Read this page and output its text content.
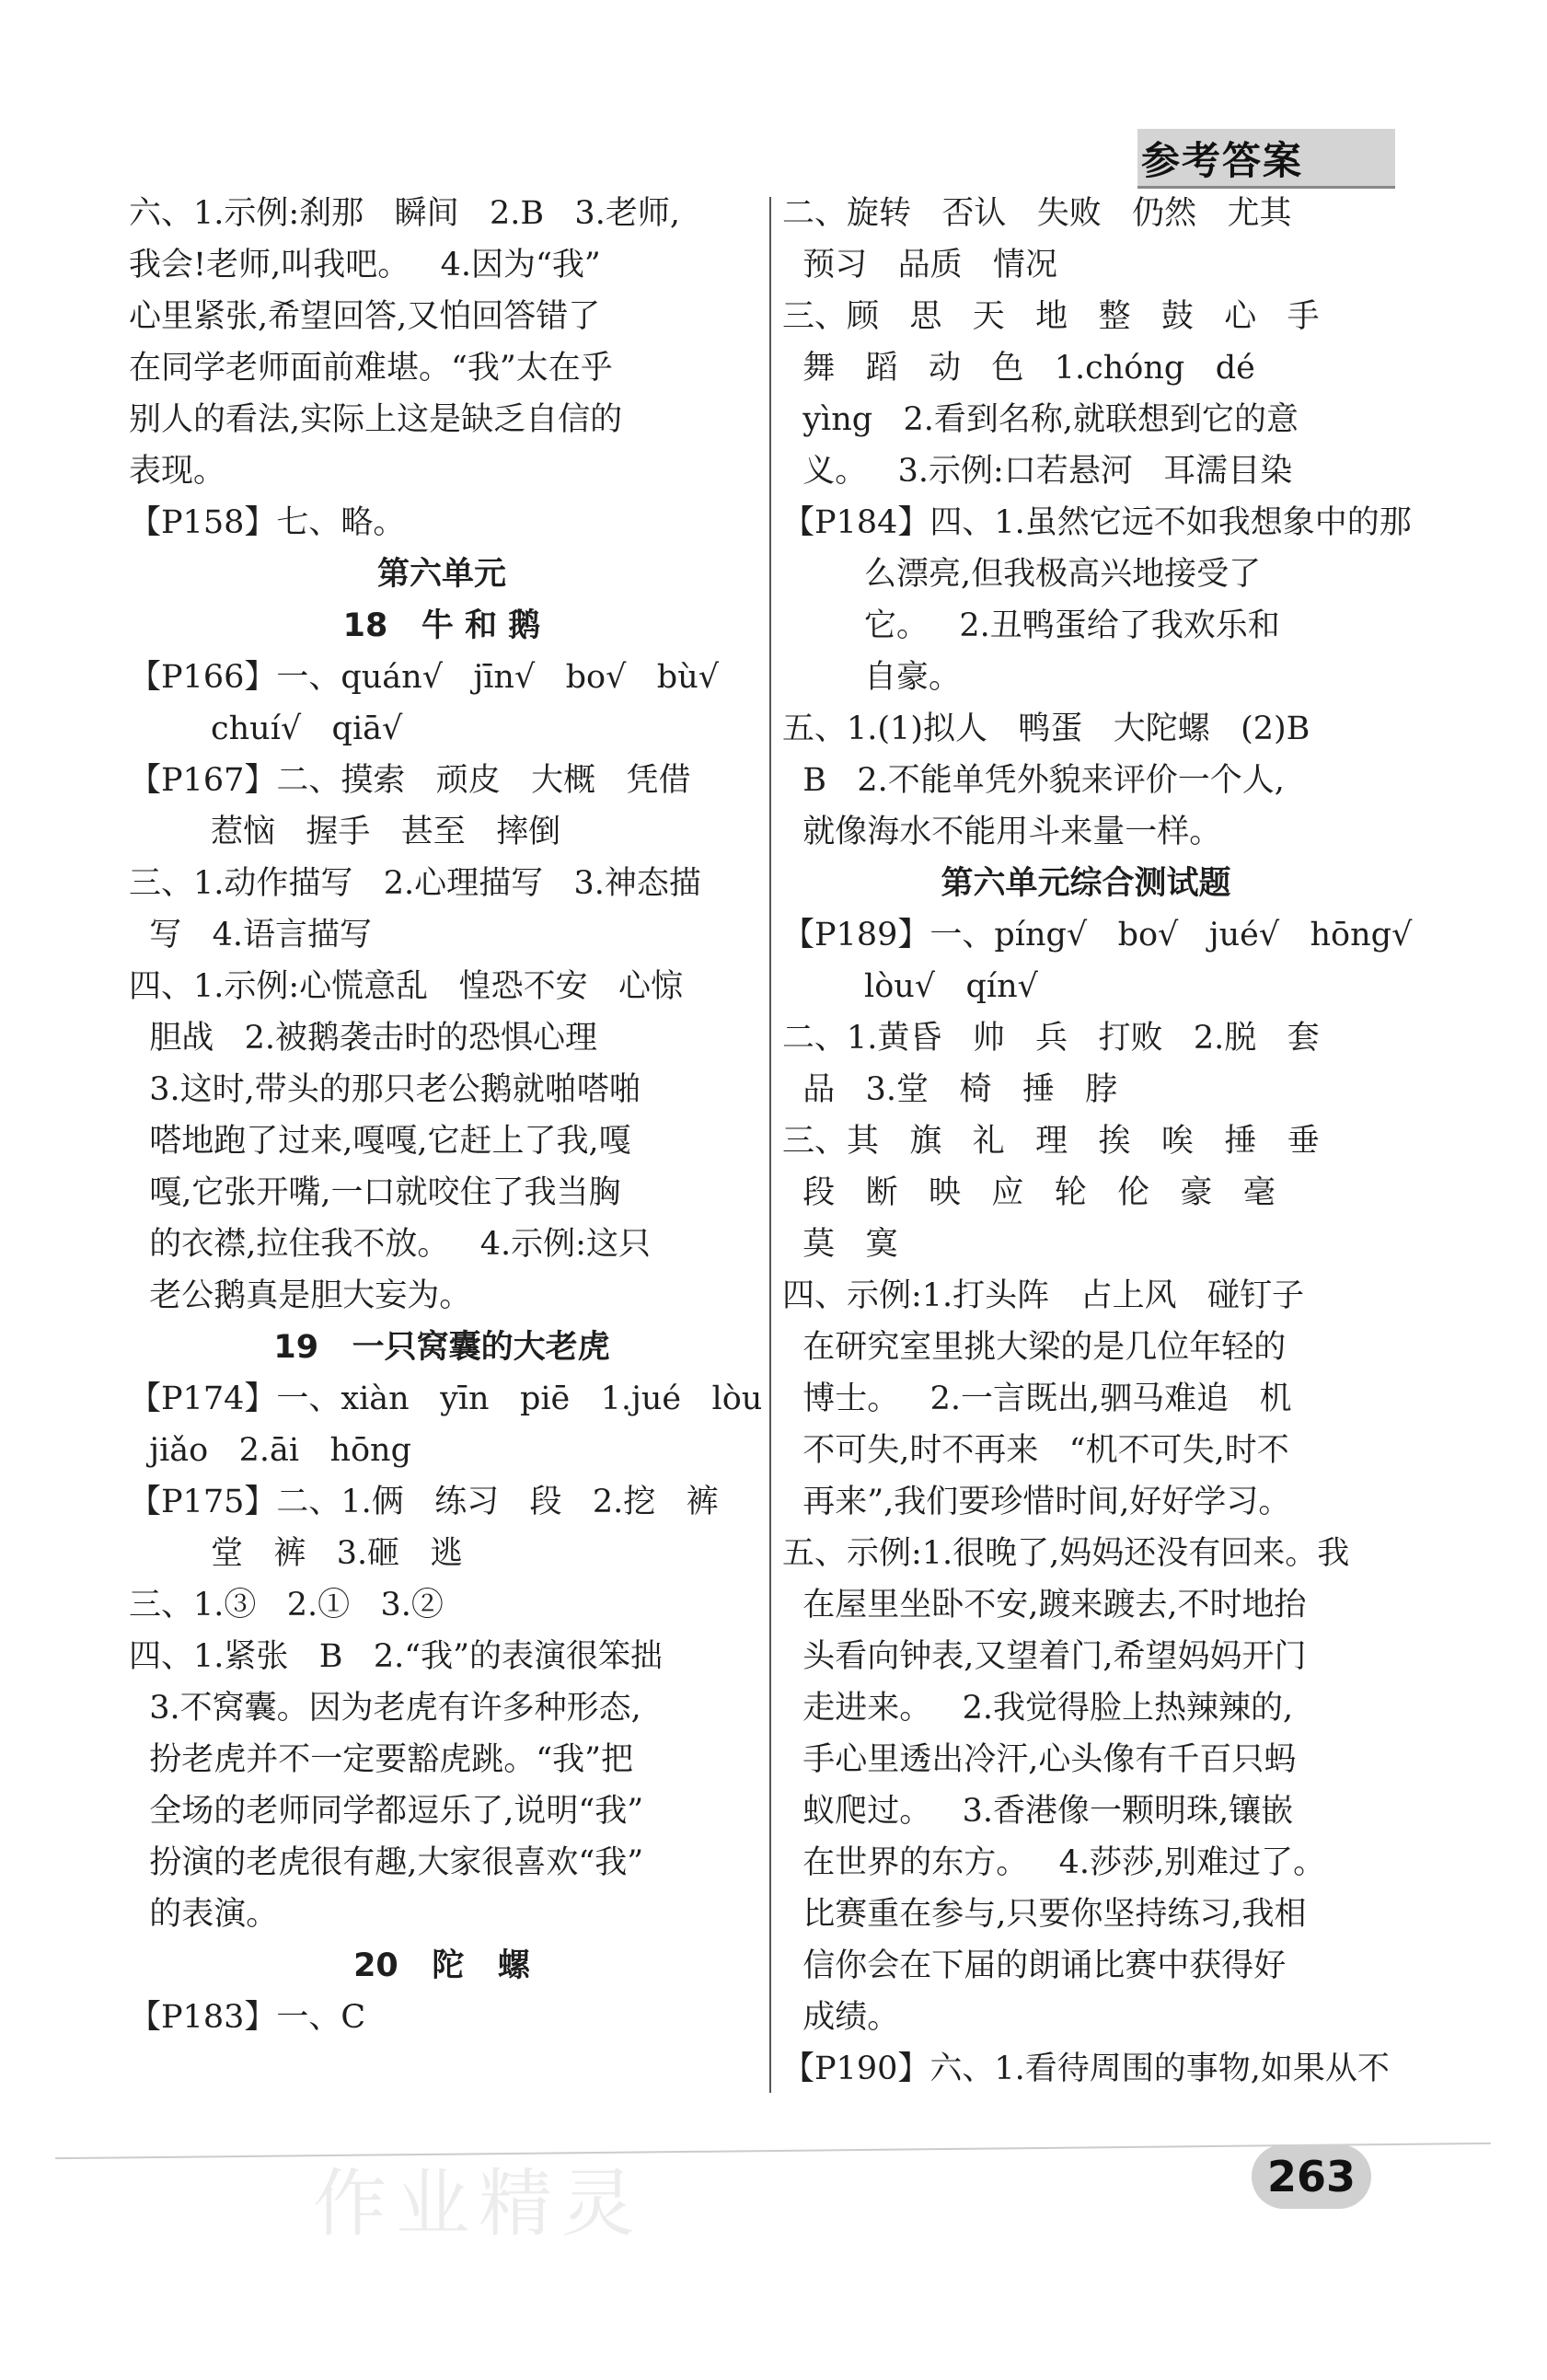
参考答案
六、1.示例:刹那   瞬间   2.B   3.老师,
我会!老师,叫我吧。   4.因为“我”
心里紧张,希望回答,又怕回答错了
在同学老师面前难堪。“我”太在乎
别人的看法,实际上这是缺乏自信的
表现。
【P158】七、略。
第六单元
18   牛 和 鹅
【P166】一、quán√   jīn√   bo√   bù√
chuí√   qiā√
【P167】二、摸索   顽皮   大概   凭借
惹恼   握手   甚至   摔倒
三、1.动作描写   2.心理描写   3.神态描
写   4.语言描写
四、1.示例:心慌意乱   惶恐不安   心惊
胆战   2.被鹅袭击时的恐惧心理
3.这时,带头的那只老公鹅就啪嗒啪
嗒地跑了过来,嘎嘎,它赶上了我,嘎
嘎,它张开嘴,一口就咬住了我当胸
的衣襟,拉住我不放。   4.示例:这只
老公鹅真是胆大妄为。
19   一只窝囊的大老虎
【P174】一、xiàn   yīn   piē   1.jué   lòu
jiǎo   2.āi   hōng
【P175】二、1.俩   练习   段   2.挖   裤
堂   裤   3.砸   逃
三、1.③   2.①   3.②
四、1.紧张   B   2.“我”的表演很笨拙
3.不窝囊。因为老虎有许多种形态,
扮老虎并不一定要豁虎跳。“我”把
全场的老师同学都逗乐了,说明“我”
扮演的老虎很有趣,大家很喜欢“我”
的表演。
20   陀   螺
【P183】一、C
二、旋转   否认   失败   仍然   尤其
预习   品质   情况
三、顾   思   天   地   整   鼓   心   手
舞   蹈   动   色   1.chóng   dé
yìng   2.看到名称,就联想到它的意
义。   3.示例:口若悬河   耳濡目染
【P184】四、1.虽然它远不如我想象中的那
么漂亮,但我极高兴地接受了
它。   2.丑鸭蛋给了我欢乐和
自豪。
五、1.(1)拟人   鸭蛋   大陀螺   (2)B
B   2.不能单凭外貌来评价一个人,
就像海水不能用斗来量一样。
第六单元综合测试题
【P189】一、píng√   bo√   jué√   hōng√
lòu√   qín√
二、1.黄昏   帅   兵   打败   2.脱   套
品   3.堂   椅   捶   脖
三、其   旗   礼   理   挨   唉   捶   垂
段   断   映   应   轮   伦   豪   毫
莫   寞
四、示例:1.打头阵   占上风   碰钉子
在研究室里挑大梁的是几位年轻的
博士。   2.一言既出,驷马难追   机
不可失,时不再来   “机不可失,时不
再来”,我们要珍惜时间,好好学习。
五、示例:1.很晚了,妈妈还没有回来。我
在屋里坐卧不安,踱来踱去,不时地抬
头看向钟表,又望着门,希望妈妈开门
走进来。   2.我觉得脸上热辣辣的,
手心里透出冷汗,心头像有千百只蚂
蚁爬过。   3.香港像一颗明珠,镶嵌
在世界的东方。   4.莎莎,别难过了。
比赛重在参与,只要你坚持练习,我相
信你会在下届的朗诵比赛中获得好
成绩。
【P190】六、1.看待周围的事物,如果从不
作业精灵	263
